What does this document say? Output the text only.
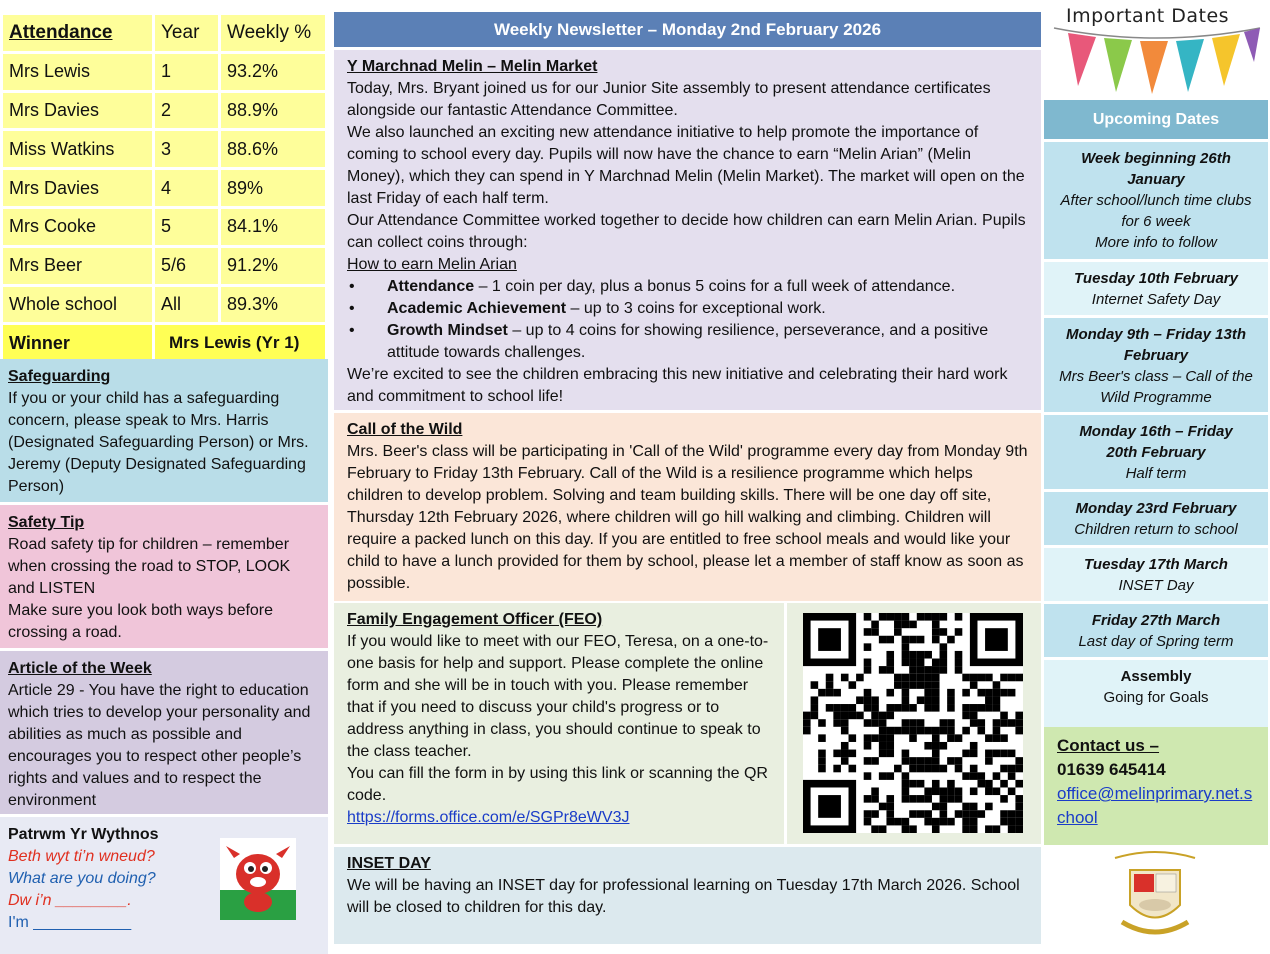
Attendance	Year	Weekly %
Mrs Lewis	1	93.2%
Mrs Davies	2	88.9%
Miss Watkins	3	88.6%
Mrs Davies	4	89%
Mrs Cooke	5	84.1%
Mrs Beer	5/6	91.2%
Whole school	All	89.3%
Winner	Mrs Lewis (Yr 1)	
Safeguarding
If you or your child has a safeguarding concern, please speak to Mrs. Harris (Designated Safeguarding Person) or Mrs. Jeremy (Deputy Designated Safeguarding Person)
Safety Tip
Road safety tip for children – remember when crossing the road to STOP, LOOK and LISTEN
Make sure you look both ways before crossing a road.
Article of the Week
Article 29 - You have the right to education which tries to develop your personality and abilities as much as possible and encourages you to respect other people’s rights and values and to respect the environment
Patrwm Yr Wythnos
Beth wyt ti’n wneud?
What are you doing?
Dw i’n ________.
I'm ___________
Weekly Newsletter – Monday 2nd February 2026
Y Marchnad Melin – Melin Market
Today, Mrs. Bryant joined us for our Junior Site assembly to present attendance certificates alongside our fantastic Attendance Committee.
We also launched an exciting new attendance initiative to help promote the importance of coming to school every day. Pupils will now have the chance to earn “Melin Arian” (Melin Money), which they can spend in Y Marchnad Melin (Melin Market). The market will open on the last Friday of each half term.
Our Attendance Committee worked together to decide how children can earn Melin Arian. Pupils can collect coins through:
How to earn Melin Arian
• Attendance – 1 coin per day, plus a bonus 5 coins for a full week of attendance.
• Academic Achievement – up to 3 coins for exceptional work.
• Growth Mindset – up to 4 coins for showing resilience, perseverance, and a positive attitude towards challenges.
We’re excited to see the children embracing this new initiative and celebrating their hard work and commitment to school life!
Call of the Wild
Mrs. Beer's class will be participating in 'Call of the Wild' programme every day from Monday 9th February to Friday 13th February. Call of the Wild is a resilience programme which helps children to develop problem. Solving and team building skills. There will be one day off site, Thursday 12th February 2026, where children will go hill walking and climbing. Children will require a packed lunch on this day. If you are entitled to free school meals and would like your child to have a lunch provided for them by school, please let a member of staff know as soon as possible.
Family Engagement Officer (FEO)
If you would like to meet with our FEO, Teresa, on a one-to-one basis for help and support. Please complete the online form and she will be in touch with you. Please remember that if you need to discuss your child's progress or to address anything in class, you should continue to speak to the class teacher.
You can fill the form in by using this link or scanning the QR code.
https://forms.office.com/e/SGPr8eWV3J
INSET DAY
We will be having an INSET day for professional learning on Tuesday 17th March 2026. School will be closed to children for this day.
Important Dates
Upcoming Dates
Week beginning 26th January
After school/lunch time clubs for 6 week
More info to follow
Tuesday 10th February
Internet Safety Day
Monday 9th – Friday 13th February
Mrs Beer's class – Call of the Wild Programme
Monday 16th – Friday 20th February
Half term
Monday 23rd February
Children return to school
Tuesday 17th March
INSET Day
Friday 27th March
Last day of Spring term
Assembly
Going for Goals
Contact us –
01639 645414
office@melinprimary.net.school
